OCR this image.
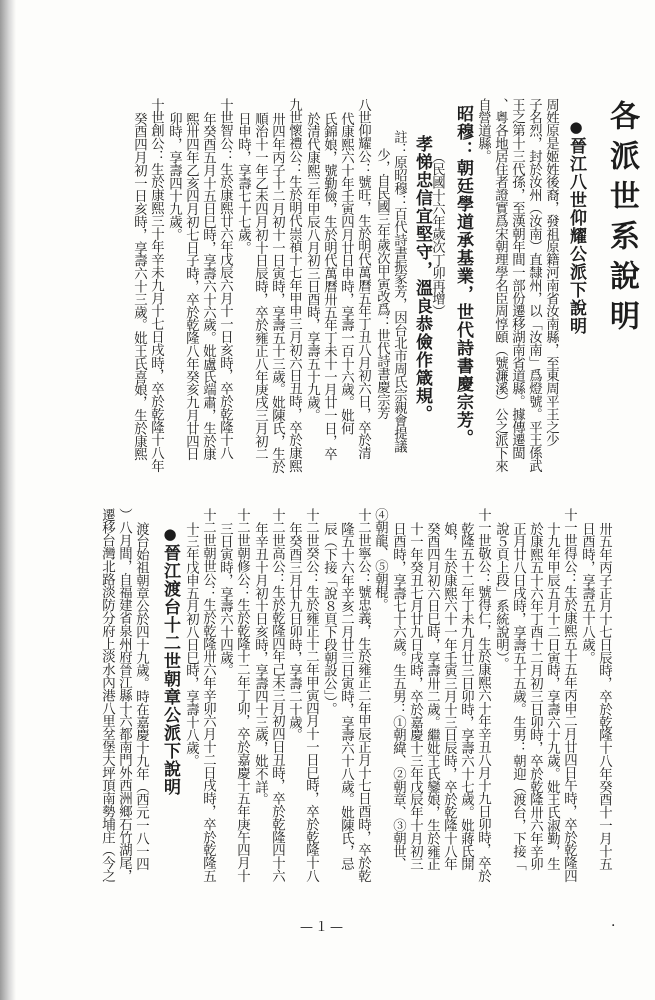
各派世系說明
●晉江八世仰耀公派下說明
周姓原是姬姓後裔，發祖原籍河南省汝南縣，至東周平王之少
子名烈，封於汝州（汝南）直隸州，以「汝南」爲燈號。平王係武
王之第十三代孫，至漢朝年間一部份遷移湖南省道縣。據傳遷閩
、粵各地居住者證實爲宋朝理學名臣周惇頤（號濂溪）公之派下來
自營道縣。
昭穆：朝廷學道承基業，世代詩書慶宗芳。
（民國十六年歲次丁卯再增）
孝悌忠信宜堅守，溫良恭儉作箴規。
註：原昭穆：百代詩書振家芳，因台北市周氏宗親會提議
少，自民國三年歲次甲寅改爲：世代詩書慶宗芳
八世仰耀公：號旺，生於明代萬曆五年丁丑八月初六日，卒於清
代康熙六十年壬寅四月廿日申時，享壽一百十六歲。妣何
氏錦娘，號勤儉，生於明代萬曆卅五年丁未十一月廿一日，卒
於清代康熙三年甲辰八月初三日酉時，享壽五十九歲。
九世懷禮公：生於明代崇禎十七年甲申三月初六日丑時，卒於康熙
卅四年丙子十二月初十一日寅時，享壽五十三歲。妣陳氏，生於
順治十一年乙未四月初十日辰時，卒於雍正八年庚戌三月初二
日申時，享壽七十七歲。
十世智公：生於康熙廿六年戊辰六月十一日亥時，卒於乾隆十八
年癸酉五月十五日巳時，享壽六十六歲。妣盧氏端肅，生於康
熙卅四年乙亥四月初七日子時，卒於乾隆八年癸亥九月廿四日
卯時，享壽四十九歲。
十世創公：生於康熙三十年辛未九月十七日戌時，卒於乾隆十八年
癸酉四月初一日亥時，享壽六十三歲。妣王氏喜娘，生於康熙
卅五年丙子正月十七日辰時，卒於乾隆十八年癸酉十一月十五
日酉時，享壽五十八歲。
十一世得公：生於康熙五十五年丙申二月廿四日午時，卒於乾隆四
十九年甲辰五月十二日寅時，享壽六十九歲。妣王氏淑勤，生
於康熙五十六年丁酉十二月初三日卯時，卒於乾隆卅六年辛卯
正月廿八日戌時，享壽五十五歲。生男：朝迎（渡台，下接「
說５頁上段」系統說明）。
十一世敬公：號得仁，生於康熙六十年辛丑八月十九日卯時，卒於
乾隆五十二年丁未九月廿三日卯時，享壽六十七歲。妣蔣氏開
娘，生於康熙六十一年壬寅三月十三日辰時，卒於乾隆十八年
癸酉四月初六日巳時，享壽卅二歲。繼妣王氏鑾娘，生於雍正
十一年癸丑七月廿九日戌時，卒於嘉慶十三年戊辰年十月初三
日酉時，享壽七十六歲。生五男：①朝緯、②朝章、③朝世、
④朝龍、⑤朝棍。
十二世寧公：號忠義，生於雍正二年甲辰正月十七日酉時，卒於乾
隆五十六年辛亥二月廿三日寅時，享壽六十八歲。妣陳氏，忌
辰（下接「說８頁下段朝設公」）。
十二世癸公：生於雍正十二年甲寅四月十一日巳時，卒於乾隆十八
年癸酉三月廿九日卯時，享壽二十歲。
十二世高公：生於乾隆四年己未三月初四日丑時，卒於乾隆四十六
年辛丑十月初十日亥時，享壽四十三歲，妣不詳。
十二世朝修公：生於乾隆十二年丁卯，卒於嘉慶十五年庚午四月十
三日寅時，享壽六十四歲。
十二世朝世公：生於乾隆卅六年辛卯六月十二日戌時，卒於乾隆五
十三年戊申五月初八日巳時，享壽十八歲。
●晉江渡台十二世朝章公派下說明
渡台始祖朝章公於四十九歲。時在嘉慶十九年（西元一八一四
）八月間，自福建省泉州府晉江縣十六都南門外西洲鄉石竹湖尾，
遷移台灣北路淡防分府上淡水內港八里坌堡大坪頂南勢埔庄（今之
·
—１—
